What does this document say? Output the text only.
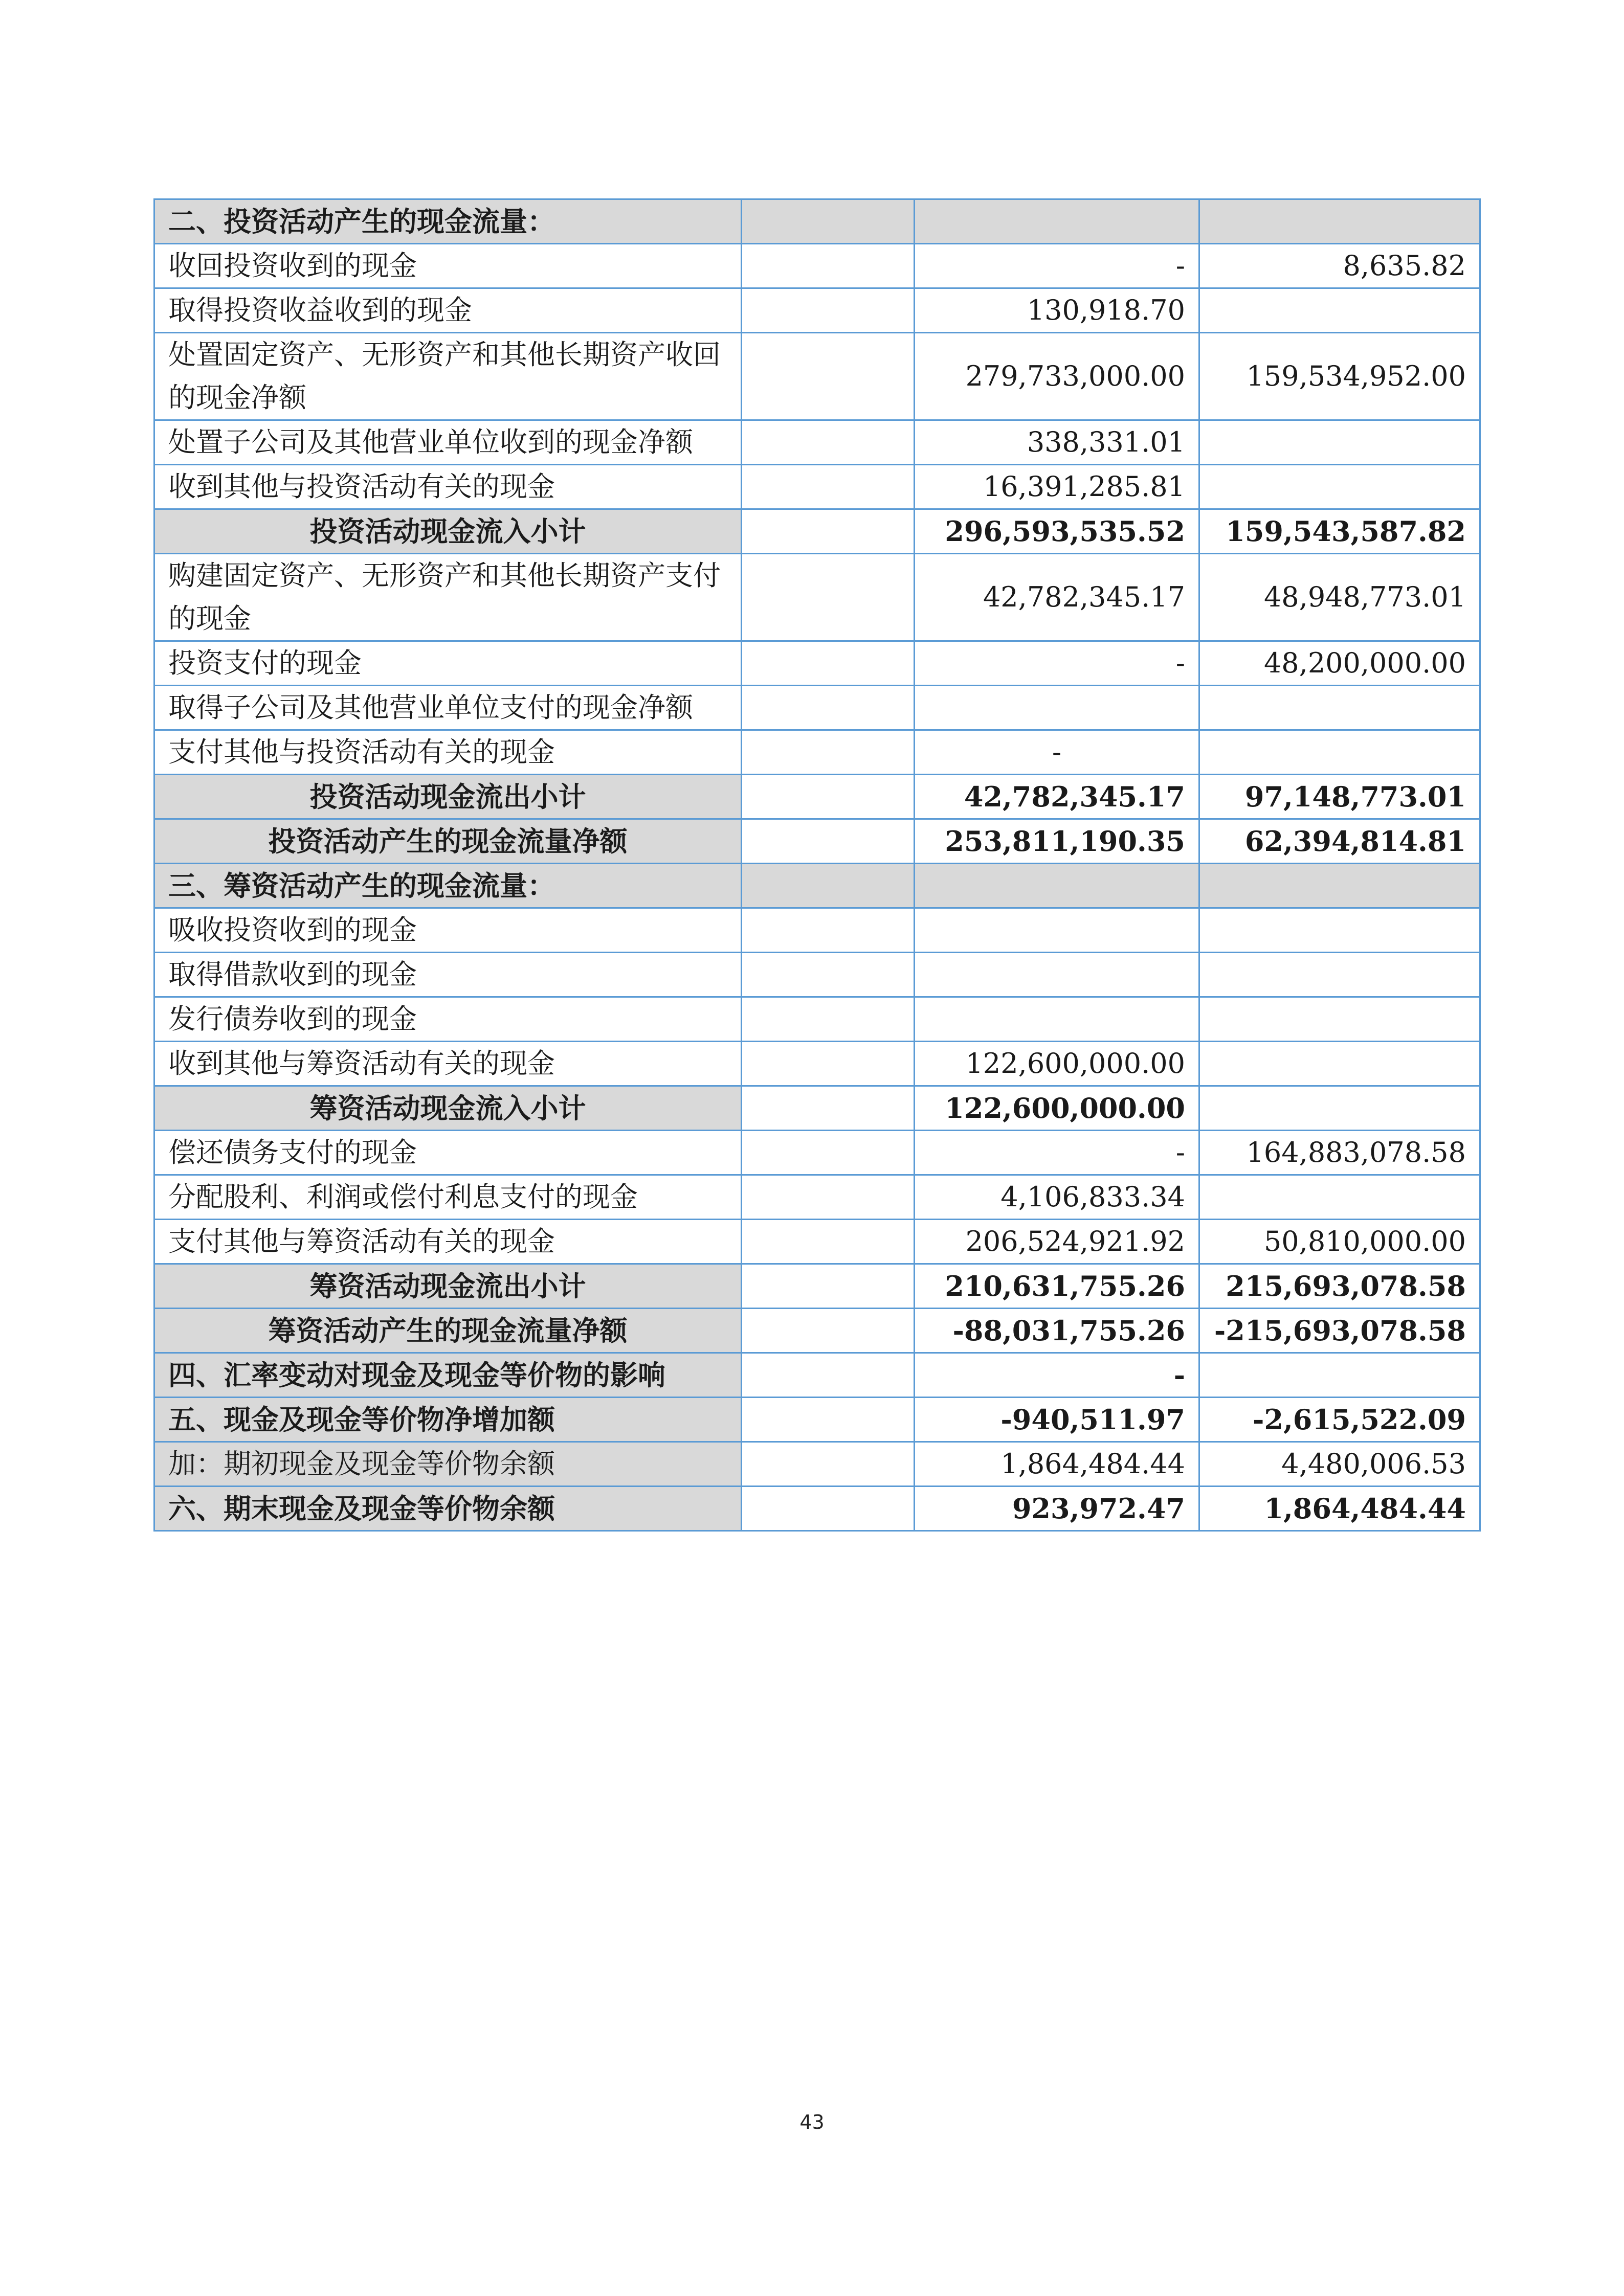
二、投资活动产生的现金流量：			
收回投资收到的现金		-	8,635.82
取得投资收益收到的现金		130,918.70	
处置固定资产、无形资产和其他长期资产收回的现金净额		279,733,000.00	159,534,952.00
处置子公司及其他营业单位收到的现金净额		338,331.01	
收到其他与投资活动有关的现金		16,391,285.81	
投资活动现金流入小计		296,593,535.52	159,543,587.82
购建固定资产、无形资产和其他长期资产支付的现金		42,782,345.17	48,948,773.01
投资支付的现金		-	48,200,000.00
取得子公司及其他营业单位支付的现金净额			
支付其他与投资活动有关的现金		-	
投资活动现金流出小计		42,782,345.17	97,148,773.01
投资活动产生的现金流量净额		253,811,190.35	62,394,814.81
三、筹资活动产生的现金流量：			
吸收投资收到的现金			
取得借款收到的现金			
发行债券收到的现金			
收到其他与筹资活动有关的现金		122,600,000.00	
筹资活动现金流入小计		122,600,000.00	
偿还债务支付的现金		-	164,883,078.58
分配股利、利润或偿付利息支付的现金		4,106,833.34	
支付其他与筹资活动有关的现金		206,524,921.92	50,810,000.00
筹资活动现金流出小计		210,631,755.26	215,693,078.58
筹资活动产生的现金流量净额		-88,031,755.26	-215,693,078.58
四、汇率变动对现金及现金等价物的影响		-	
五、现金及现金等价物净增加额		-940,511.97	-2,615,522.09
加：期初现金及现金等价物余额		1,864,484.44	4,480,006.53
六、期末现金及现金等价物余额		923,972.47	1,864,484.44
43
